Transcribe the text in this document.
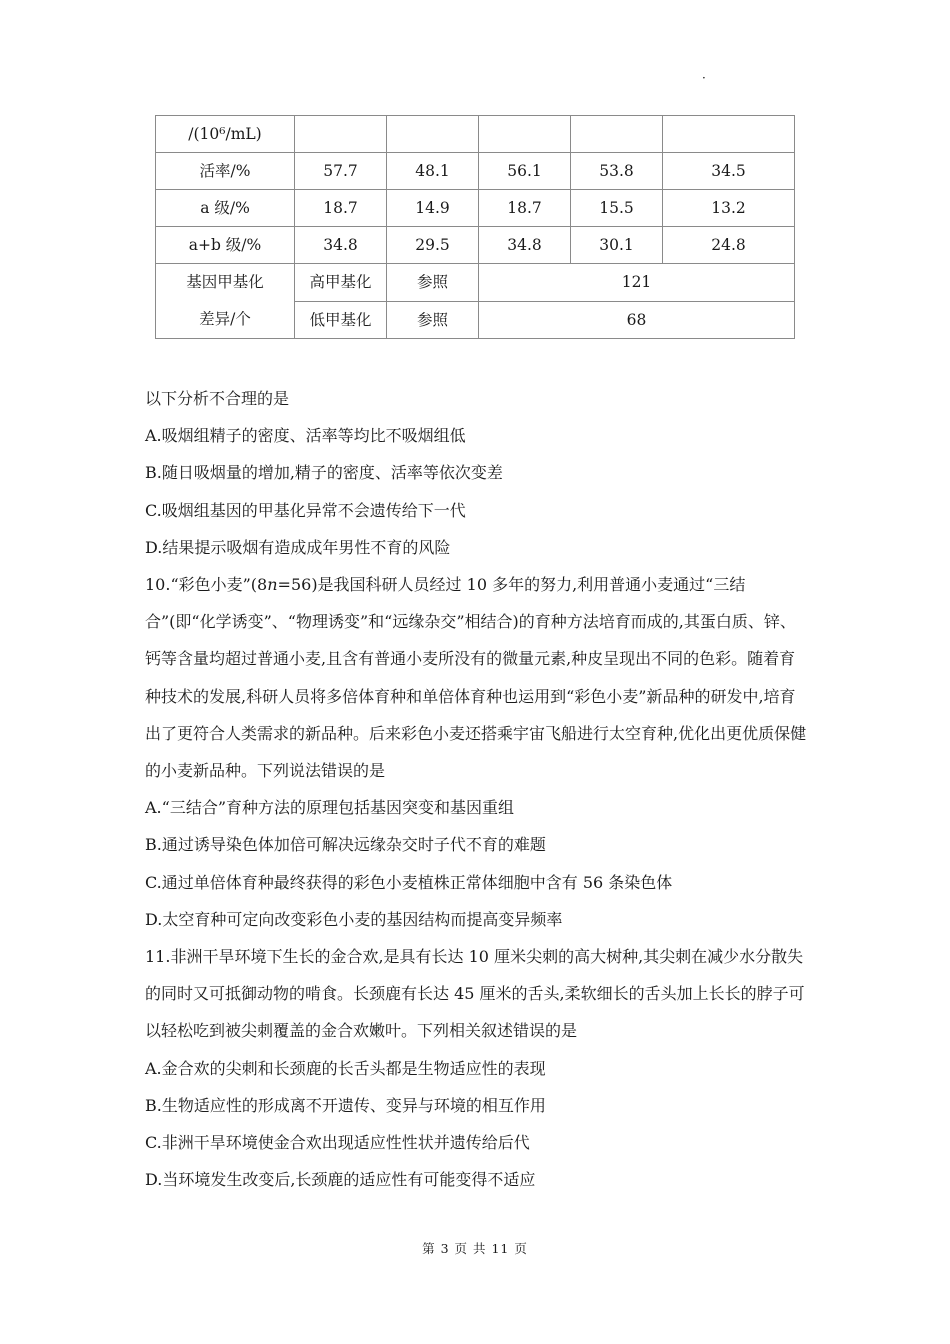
·
/(10⁶/mL)					
活率/%	57.7	48.1	56.1	53.8	34.5
a 级/%	18.7	14.9	18.7	15.5	13.2
a+b 级/%	34.8	29.5	34.8	30.1	24.8

基因甲基化
差异/个	高甲基化	参照	121		
	低甲基化	参照	68		

以下分析不合理的是

A.吸烟组精子的密度、活率等均比不吸烟组低

B.随日吸烟量的增加,精子的密度、活率等依次变差

C.吸烟组基因的甲基化异常不会遗传给下一代

D.结果提示吸烟有造成成年男性不育的风险

10.“彩色小麦”(8n=56)是我国科研人员经过 10 多年的努力,利用普通小麦通过“三结合”(即“化学诱变”、“物理诱变”和“远缘杂交”相结合)的育种方法培育而成的,其蛋白质、锌、钙等含量均超过普通小麦,且含有普通小麦所没有的微量元素,种皮呈现出不同的色彩。随着育种技术的发展,科研人员将多倍体育种和单倍体育种也运用到“彩色小麦”新品种的研发中,培育出了更符合人类需求的新品种。后来彩色小麦还搭乘宇宙飞船进行太空育种,优化出更优质保健的小麦新品种。下列说法错误的是

A.“三结合”育种方法的原理包括基因突变和基因重组

B.通过诱导染色体加倍可解决远缘杂交时子代不育的难题

C.通过单倍体育种最终获得的彩色小麦植株正常体细胞中含有 56 条染色体

D.太空育种可定向改变彩色小麦的基因结构而提高变异频率

11.非洲干旱环境下生长的金合欢,是具有长达 10 厘米尖刺的高大树种,其尖刺在减少水分散失的同时又可抵御动物的啃食。长颈鹿有长达 45 厘米的舌头,柔软细长的舌头加上长长的脖子可以轻松吃到被尖刺覆盖的金合欢嫩叶。下列相关叙述错误的是

A.金合欢的尖刺和长颈鹿的长舌头都是生物适应性的表现

B.生物适应性的形成离不开遗传、变异与环境的相互作用

C.非洲干旱环境使金合欢出现适应性性状并遗传给后代

D.当环境发生改变后,长颈鹿的适应性有可能变得不适应

第 3 页 共 11 页
